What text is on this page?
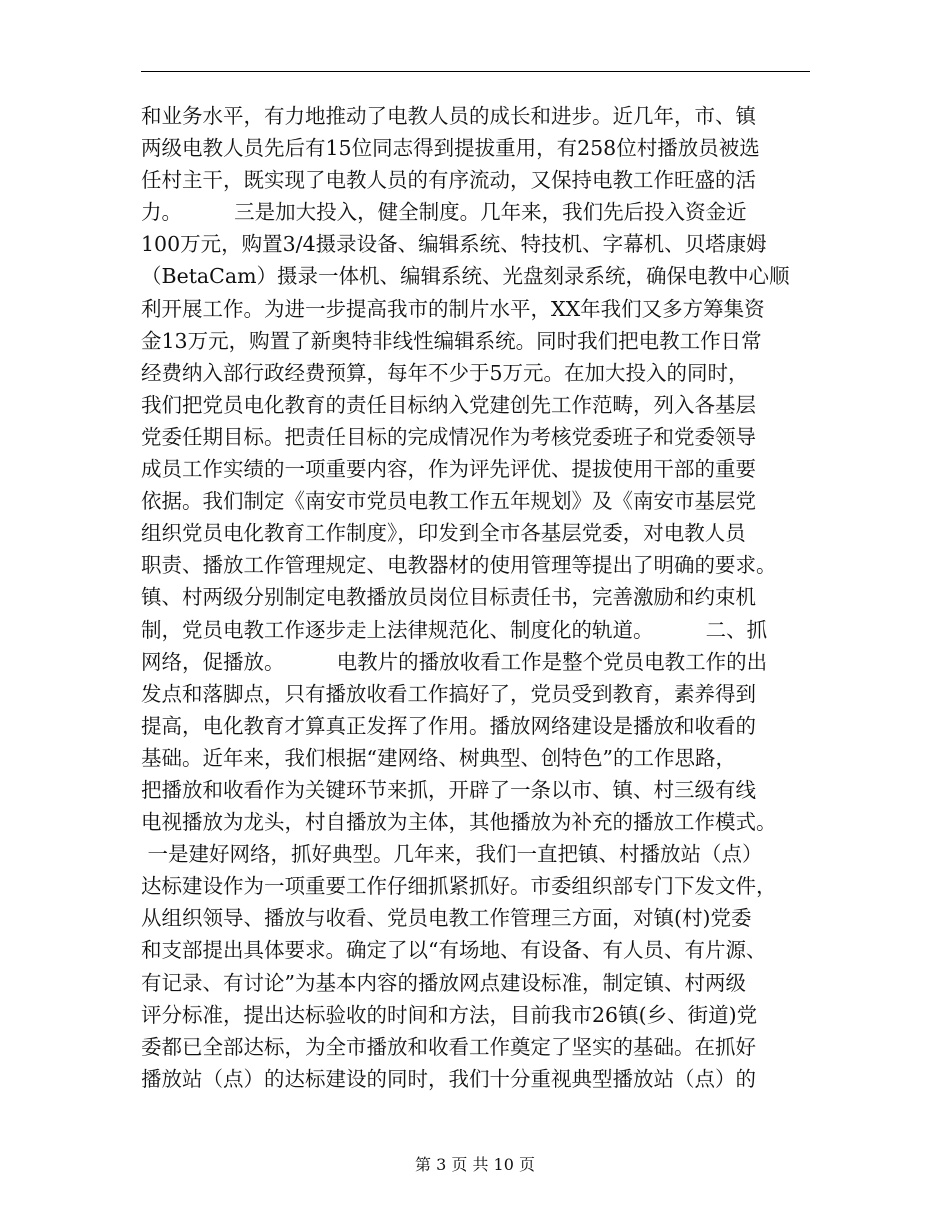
和业务水平，有力地推动了电教人员的成长和进步。近几年，市、镇
两级电教人员先后有15位同志得到提拔重用，有258位村播放员被选
任村主干，既实现了电教人员的有序流动，又保持电教工作旺盛的活
力。        三是加大投入，健全制度。几年来，我们先后投入资金近
100万元，购置3/4摄录设备、编辑系统、特技机、字幕机、贝塔康姆
（BetaCam）摄录一体机、编辑系统、光盘刻录系统，确保电教中心顺
利开展工作。为进一步提高我市的制片水平，XX年我们又多方筹集资
金13万元，购置了新奥特非线性编辑系统。同时我们把电教工作日常
经费纳入部行政经费预算，每年不少于5万元。在加大投入的同时，
我们把党员电化教育的责任目标纳入党建创先工作范畴，列入各基层
党委任期目标。把责任目标的完成情况作为考核党委班子和党委领导
成员工作实绩的一项重要内容，作为评先评优、提拔使用干部的重要
依据。我们制定《南安市党员电教工作五年规划》及《南安市基层党
组织党员电化教育工作制度》，印发到全市各基层党委，对电教人员
职责、播放工作管理规定、电教器材的使用管理等提出了明确的要求。
镇、村两级分别制定电教播放员岗位目标责任书，完善激励和约束机
制，党员电教工作逐步走上法律规范化、制度化的轨道。        二、抓
网络，促播放。        电教片的播放收看工作是整个党员电教工作的出
发点和落脚点，只有播放收看工作搞好了，党员受到教育，素养得到
提高，电化教育才算真正发挥了作用。播放网络建设是播放和收看的
基础。近年来，我们根据“建网络、树典型、创特色”的工作思路，
把播放和收看作为关键环节来抓，开辟了一条以市、镇、村三级有线
电视播放为龙头，村自播放为主体，其他播放为补充的播放工作模式。
一是建好网络，抓好典型。几年来，我们一直把镇、村播放站（点）
达标建设作为一项重要工作仔细抓紧抓好。市委组织部专门下发文件，
从组织领导、播放与收看、党员电教工作管理三方面，对镇(村)党委
和支部提出具体要求。确定了以“有场地、有设备、有人员、有片源、
有记录、有讨论”为基本内容的播放网点建设标准，制定镇、村两级
评分标准，提出达标验收的时间和方法，目前我市26镇(乡、街道)党
委都已全部达标，为全市播放和收看工作奠定了坚实的基础。在抓好
播放站（点）的达标建设的同时，我们十分重视典型播放站（点）的
第 3 页 共 10 页
